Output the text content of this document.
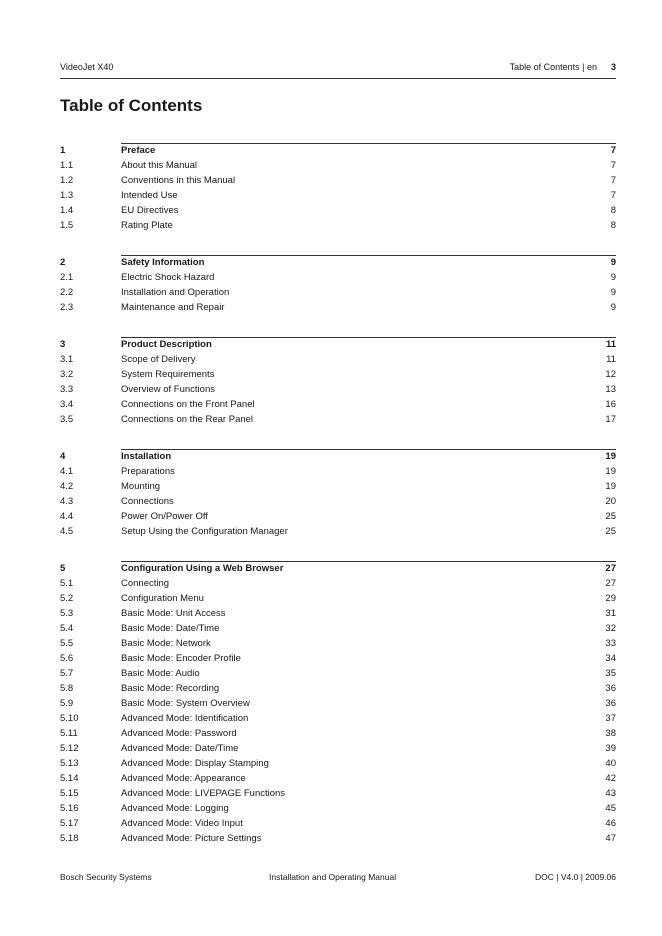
VideoJet X40	Table of Contents | en 3
Table of Contents
1	Preface	7
1.1	About this Manual	7
1.2	Conventions in this Manual	7
1.3	Intended Use	7
1.4	EU Directives	8
1.5	Rating Plate	8
2	Safety Information	9
2.1	Electric Shock Hazard	9
2.2	Installation and Operation	9
2.3	Maintenance and Repair	9
3	Product Description	11
3.1	Scope of Delivery	11
3.2	System Requirements	12
3.3	Overview of Functions	13
3.4	Connections on the Front Panel	16
3.5	Connections on the Rear Panel	17
4	Installation	19
4.1	Preparations	19
4.2	Mounting	19
4.3	Connections	20
4.4	Power On/Power Off	25
4.5	Setup Using the Configuration Manager	25
5	Configuration Using a Web Browser	27
5.1	Connecting	27
5.2	Configuration Menu	29
5.3	Basic Mode: Unit Access	31
5.4	Basic Mode: Date/Time	32
5.5	Basic Mode: Network	33
5.6	Basic Mode: Encoder Profile	34
5.7	Basic Mode: Audio	35
5.8	Basic Mode: Recording	36
5.9	Basic Mode: System Overview	36
5.10	Advanced Mode: Identification	37
5.11	Advanced Mode: Password	38
5.12	Advanced Mode: Date/Time	39
5.13	Advanced Mode: Display Stamping	40
5.14	Advanced Mode: Appearance	42
5.15	Advanced Mode: LIVEPAGE Functions	43
5.16	Advanced Mode: Logging	45
5.17	Advanced Mode: Video Input	46
5.18	Advanced Mode: Picture Settings	47
Bosch Security Systems	Installation and Operating Manual	DOC | V4.0 | 2009.06
